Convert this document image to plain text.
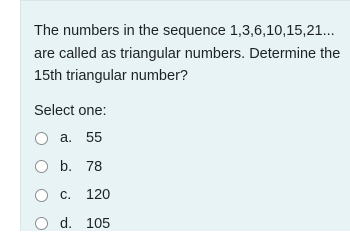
The numbers in the sequence 1,3,6,10,15,21... are called as triangular numbers. Determine the 15th triangular number?

Select one:

a. 55
b. 78
c.	120
d. 105
